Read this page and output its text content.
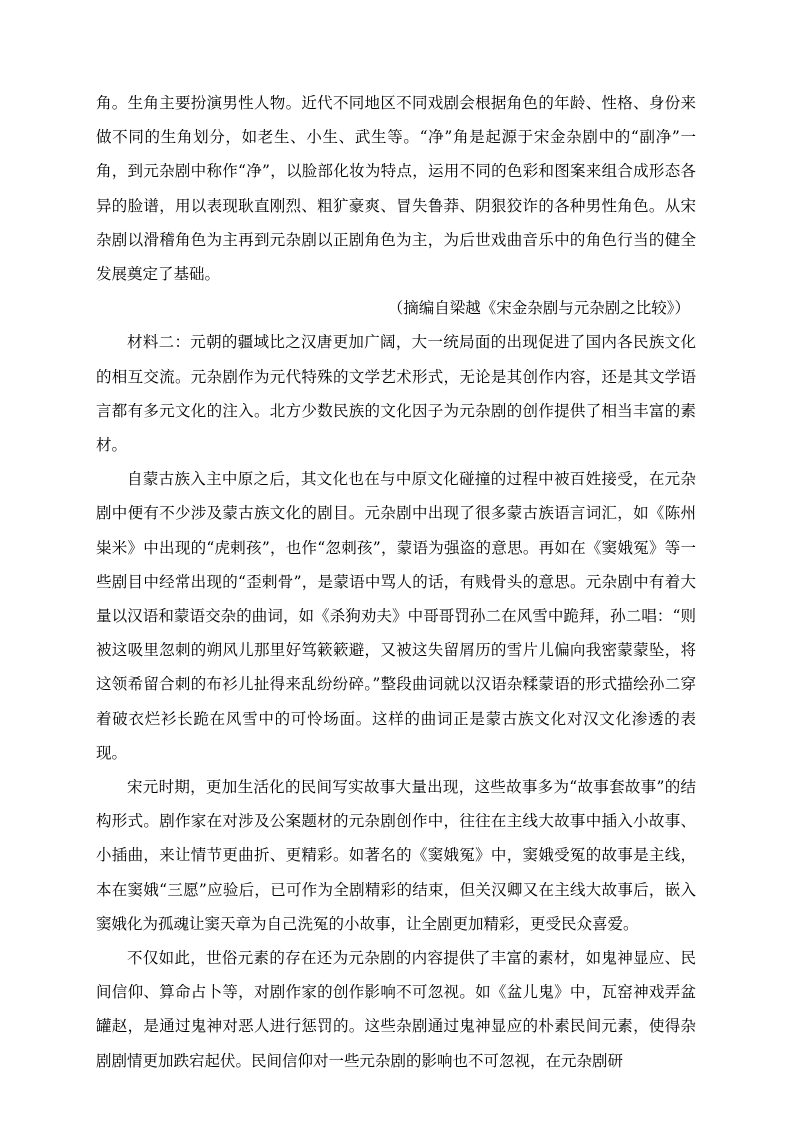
角。生角主要扮演男性人物。近代不同地区不同戏剧会根据角色的年龄、性格、身份来做不同的生角划分，如老生、小生、武生等。“净”角是起源于宋金杂剧中的“副净”一角，到元杂剧中称作“净”，以脸部化妆为特点，运用不同的色彩和图案来组合成形态各异的脸谱，用以表现耿直刚烈、粗犷豪爽、冒失鲁莽、阴狠狡诈的各种男性角色。从宋杂剧以滑稽角色为主再到元杂剧以正剧角色为主，为后世戏曲音乐中的角色行当的健全发展奠定了基础。

（摘编自梁越《宋金杂剧与元杂剧之比较》）

材料二：元朝的疆域比之汉唐更加广阔，大一统局面的出现促进了国内各民族文化的相互交流。元杂剧作为元代特殊的文学艺术形式，无论是其创作内容，还是其文学语言都有多元文化的注入。北方少数民族的文化因子为元杂剧的创作提供了相当丰富的素材。

自蒙古族入主中原之后，其文化也在与中原文化碰撞的过程中被百姓接受，在元杂剧中便有不少涉及蒙古族文化的剧目。元杂剧中出现了很多蒙古族语言词汇，如《陈州粜米》中出现的“虎剌孩”，也作“忽刺孩”，蒙语为强盗的意思。再如在《窦娥冤》等一些剧目中经常出现的“歪剌骨”，是蒙语中骂人的话，有贱骨头的意思。元杂剧中有着大量以汉语和蒙语交杂的曲词，如《杀狗劝夫》中哥哥罚孙二在风雪中跪拜，孙二唱：“则被这吸里忽刺的朔风儿那里好笃簌簌避，又被这失留屑历的雪片儿偏向我密蒙蒙坠，将这领希留合刺的布衫儿扯得来乱纷纷碎。”整段曲词就以汉语杂糅蒙语的形式描绘孙二穿着破衣烂衫长跪在风雪中的可怜场面。这样的曲词正是蒙古族文化对汉文化渗透的表现。

宋元时期，更加生活化的民间写实故事大量出现，这些故事多为“故事套故事”的结构形式。剧作家在对涉及公案题材的元杂剧创作中，往往在主线大故事中插入小故事、小插曲，来让情节更曲折、更精彩。如著名的《窦娥冤》中，窦娥受冤的故事是主线，本在窦娥“三愿”应验后，已可作为全剧精彩的结束，但关汉卿又在主线大故事后，嵌入窦娥化为孤魂让窦天章为自己洗冤的小故事，让全剧更加精彩，更受民众喜爱。

不仅如此，世俗元素的存在还为元杂剧的内容提供了丰富的素材，如鬼神显应、民间信仰、算命占卜等，对剧作家的创作影响不可忽视。如《盆儿鬼》中，瓦窑神戏弄盆罐赵，是通过鬼神对恶人进行惩罚的。这些杂剧通过鬼神显应的朴素民间元素，使得杂剧剧情更加跌宕起伏。民间信仰对一些元杂剧的影响也不可忽视，在元杂剧研
